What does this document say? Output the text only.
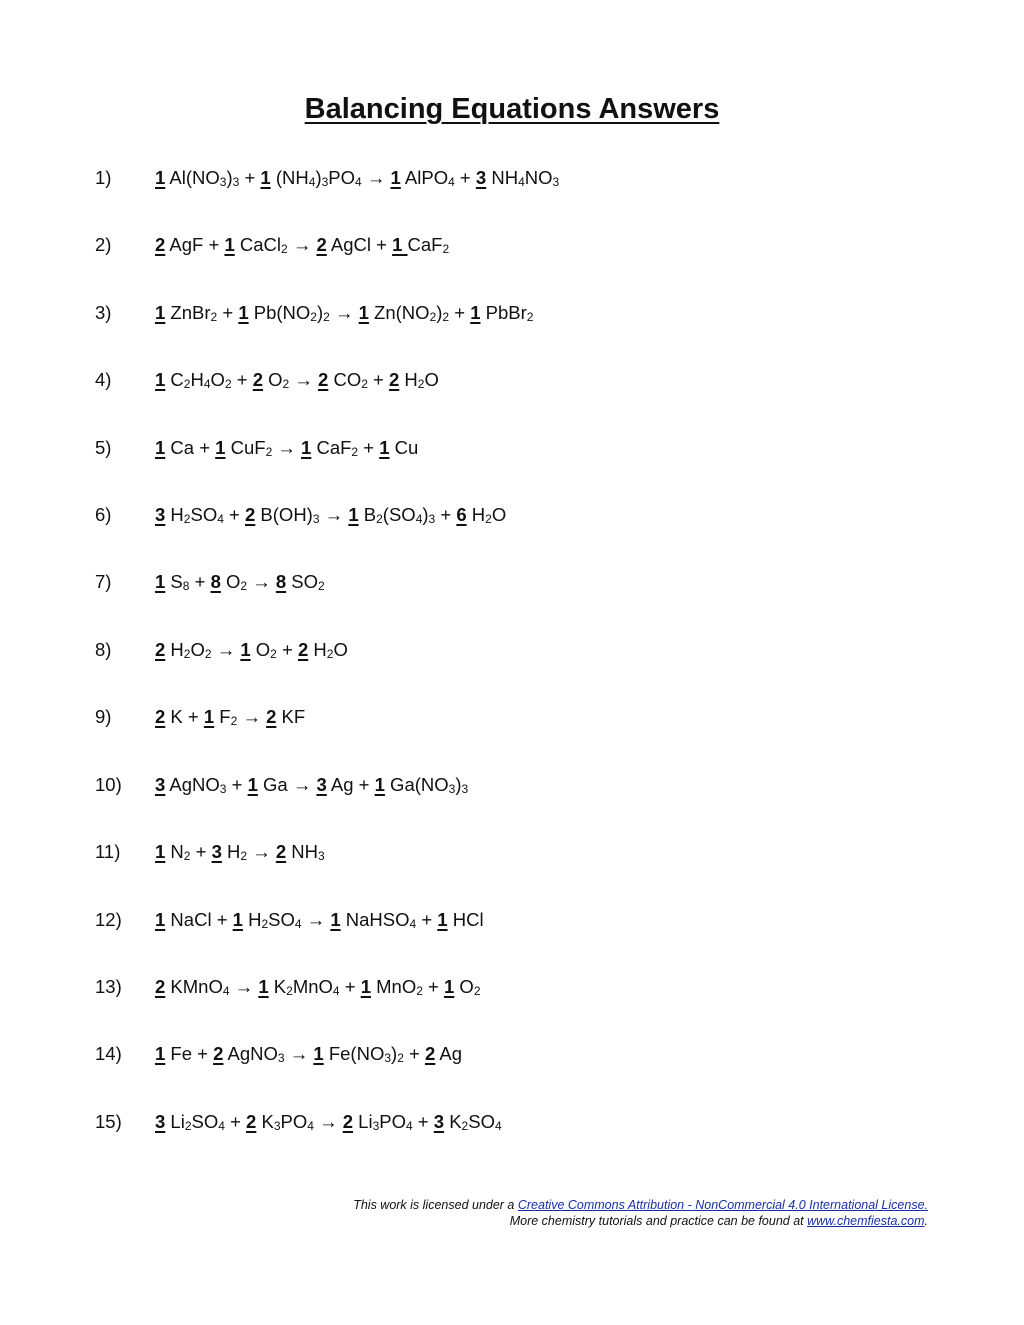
Balancing Equations Answers
1) 1 $Al(NO_3)_3 + 1$ $(NH_4)_3PO_4 \to 1$ AlPO$_4$ + 3 $NH_4NO_3$
2) 2 AgF + 1 CaCl$_2$ → 2 AgCl + 1 CaF$_2$
3) 1 ZnBr$_2$ + 1 $Pb(NO_2)_2 \to 1$ $Zn(NO_2)_2 + 1$ PbBr$_2$
4) 1 $C_2H_4O_2 + 2$ $O_2 \to 2$ $CO_2 + 2$ $H_2O$
5) 1 Ca + 1 CuF$_2$ → 1 CaF$_2$ + 1 Cu
6) 3 $H_2SO_4 + 2$ $B(OH)_3 \to 1$ $B_2(SO_4)_3 + 6$ $H_2O$
7) 1 $S_8 + 8$ $O_2 \to 8$ $SO_2$
8) 2 $H_2O_2 \to 1$ $O_2 + 2$ $H_2O$
9) 2 K + 1 $F_2 \to 2$ KF
10) 3 AgNO$_3$ + 1 Ga → 3 Ag + 1 $Ga(NO_3)_3$
11) 1 $N_2 + 3$ $H_2 \to 2$ $NH_3$
12) 1 NaCl + 1 $H_2SO_4 \to 1$ NaHSO$_4$ + 1 HCl
13) 2 KMnO$_4$ → 1 $K_2MnO_4 + 1$ MnO$_2$ + 1 $O_2$
14) 1 Fe + 2 AgNO$_3$ → 1 $Fe(NO_3)_2 + 2$ Ag
15) 3 $Li_2SO_4 + 2$ $K_3PO_4 \to 2$ $Li_3PO_4 + 3$ $K_2SO_4$
This work is licensed under a Creative Commons Attribution - NonCommercial 4.0 International License.
More chemistry tutorials and practice can be found at www.chemfiesta.com.
